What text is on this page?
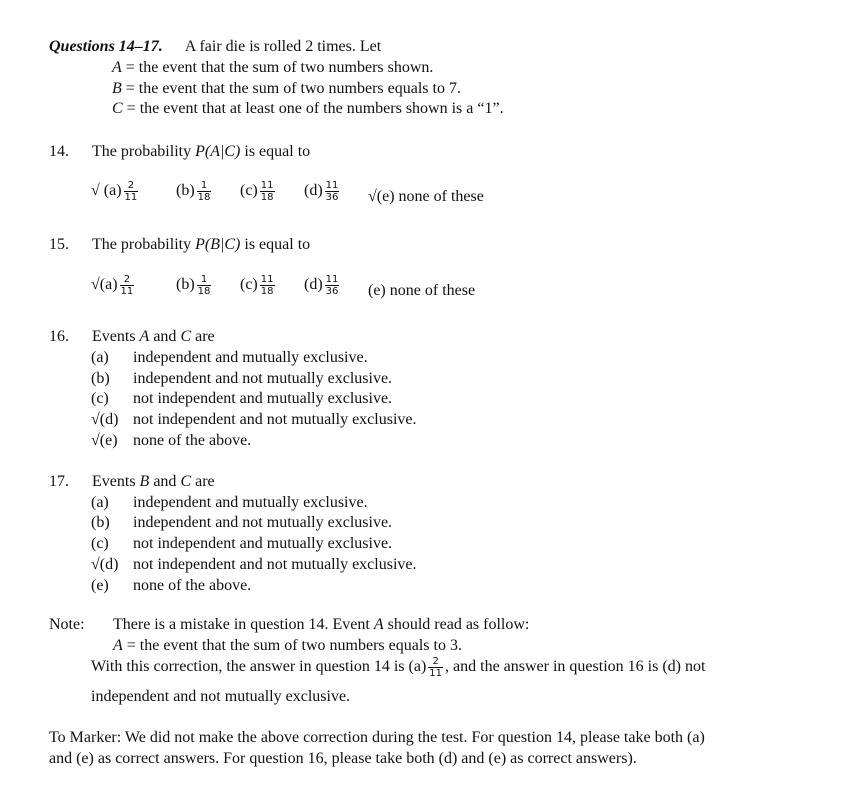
Questions 14–17. A fair die is rolled 2 times. Let
A = the event that the sum of two numbers shown.
B = the event that the sum of two numbers equals to 7.
C = the event that at least one of the numbers shown is a “1”.
14. The probability P(A|C) is equal to
√ $(a) \frac{2}{11} (b) \frac{1}{18} (c) \frac{11}{18} (d) \frac{11}{36} √(e)$ none of these
15. The probability P(B|C) is equal to
$√(a) \frac{2}{11}$	$(b) \frac{1}{18} (c) \frac{11}{18} (d) \frac{11}{36} (e)$ none of these
16. Events A and C are
(a) independent and mutually exclusive.
(b) independent and not mutually exclusive.
(c) not independent and mutually exclusive.
√(d) not independent and not mutually exclusive.
√(e) none of the above.
17. Events B and C are
(a) independent and mutually exclusive.
(b) independent and not mutually exclusive.
(c) not independent and mutually exclusive.
√(d) not independent and not mutually exclusive.
(e) none of the above.
Note: There is a mistake in question 14. Event A should read as follow:
A = the event that the sum of two numbers equals to 3.
With this correction, the answer in question 14 is $(a) \frac{2}{11}$ , and the answer in question 16 is (d) not
independent and not mutually exclusive.
To Marker: We did not make the above correction during the test. For question 14, please take both (a)
and (e) as correct answers. For question 16, please take both (d) and (e) as correct answers).
